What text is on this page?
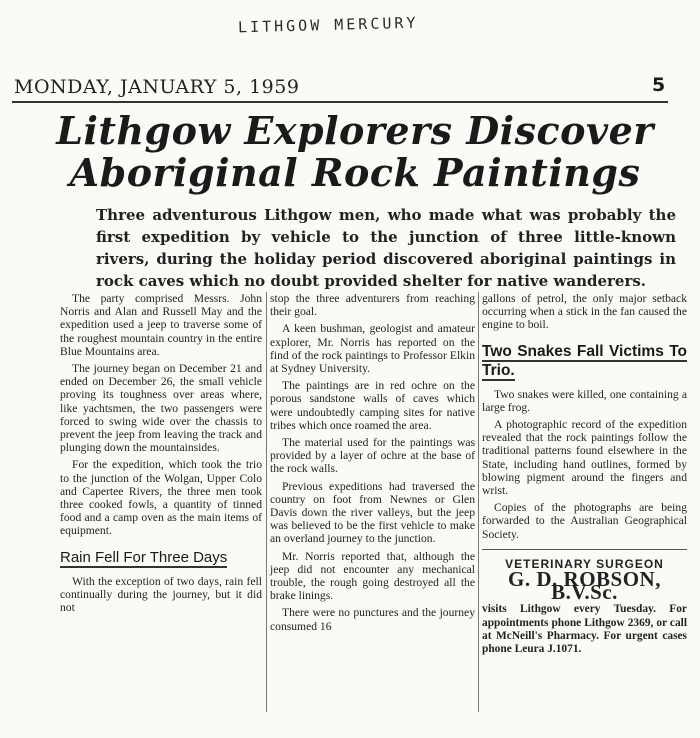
LITHGOW MERCURY
MONDAY, JANUARY 5, 1959	5
Lithgow Explorers Discover
Aboriginal Rock Paintings
Three adventurous Lithgow men, who made what was probably the first expedition by vehicle to the junction of three little-known rivers, during the holiday period discovered aboriginal paintings in rock caves which no doubt provided shelter for native wanderers.

The party comprised Messrs. John Norris and Alan and Russell May and the expedition used a jeep to traverse some of the roughest mountain country in the entire Blue Mountains area.

The journey began on December 21 and ended on December 26, the small vehicle proving its toughness over areas where, like yachtsmen, the two passengers were forced to swing wide over the chassis to prevent the jeep from leaving the track and plunging down the mountainsides.

For the expedition, which took the trio to the junction of the Wolgan, Upper Colo and Capertee Rivers, the three men took three cooked fowls, a quantity of tinned food and a camp oven as the main items of equipment.

Rain Fell For Three Days

With the exception of two days, rain fell continually during the journey, but it did not

stop the three adventurers from reaching their goal.

A keen bushman, geologist and amateur explorer, Mr. Norris has reported on the find of the rock paintings to Professor Elkin at Sydney University.

The paintings are in red ochre on the porous sandstone walls of caves which were undoubtedly camping sites for native tribes which once roamed the area.

The material used for the paintings was provided by a layer of ochre at the base of the rock walls.

Previous expeditions had traversed the country on foot from Newnes or Glen Davis down the river valleys, but the jeep was believed to be the first vehicle to make an overland journey to the junction.

Mr. Norris reported that, although the jeep did not encounter any mechanical trouble, the rough going destroyed all the brake linings.

There were no punctures and the journey consumed 16

gallons of petrol, the only major setback occurring when a stick in the fan caused the engine to boil.

Two Snakes Fall Victims To Trio.

Two snakes were killed, one containing a large frog.

A photographic record of the expedition revealed that the rock paintings follow the traditional patterns found elsewhere in the State, including hand outlines, formed by blowing pigment around the fingers and wrist.

Copies of the photographs are being forwarded to the Australian Geographical Society.

VETERINARY SURGEON
G. D. ROBSON, B.V.Sc.

visits Lithgow every Tuesday. For appointments phone Lithgow 2369, or call at McNeill's Pharmacy. For urgent cases phone Leura J.1071.
